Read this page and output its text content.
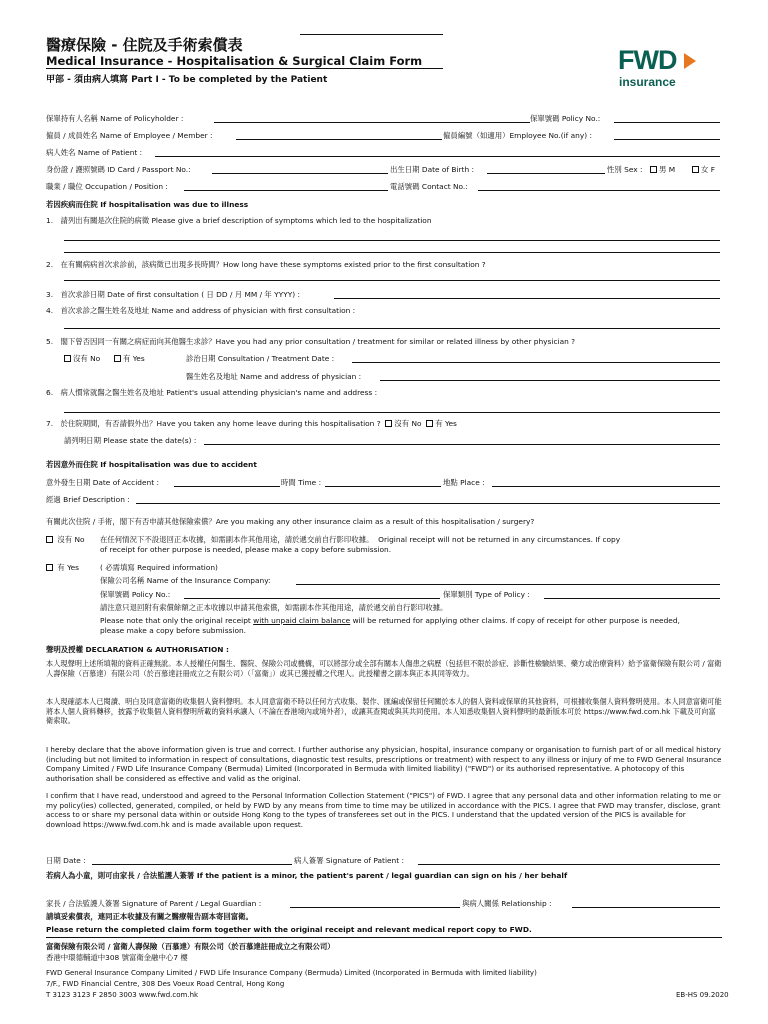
醫療保險 - 住院及手術索償表
Medical Insurance - Hospitalisation & Surgical Claim Form
甲部 - 須由病人填寫 Part I - To be completed by the Patient
FWD
insurance
保單持有人名稱 Name of Policyholder :	保單號碼 Policy No.:
僱員 / 成員姓名 Name of Employee / Member :	僱員編號（如適用）Employee No.(if any) :
病人姓名 Name of Patient :
身份證 / 護照號碼 ID Card / Passport No.:	出生日期 Date of Birth :	性別 Sex :	男 M	女 F
職業 / 職位 Occupation / Position :	電話號碼 Contact No.:
若因疾病而住院 If hospitalisation was due to illness
1.　請列出有關是次住院的病徵 Please give a brief description of symptoms which led to the hospitalization
2.　在有關病病首次求診前，該病徵已出現多長時間？How long have these symptoms existed prior to the first consultation ?
3.　首次求診日期 Date of first consultation ( 日 DD / 月 MM / 年 YYYY) :
4.　首次求診之醫生姓名及地址 Name and address of physician with first consultation :
5.　閣下曾否因同一有關之病症而向其他醫生求診？Have you had any prior consultation / treatment for similar or related illness by other physician ?
沒有 No	有 Yes	診治日期 Consultation / Treatment Date :
醫生姓名及地址 Name and address of physician :
6.　病人慣常就醫之醫生姓名及地址 Patient's usual attending physician's name and address :
7.　於住院期間，有否請假外出？Have you taken any home leave during this hospitalisation ? 沒有 No 有 Yes
請列明日期 Please state the date(s) :
若因意外而住院 If hospitalisation was due to accident
意外發生日期 Date of Accident :	時間 Time :	地點 Place :
經過 Brief Description :
有關此次住院 / 手術，閣下有否申請其他保險索償？Are you making any other insurance claim as a result of this hospitalisation / surgery?
沒有 No 在任何情況下不設退回正本收據，如需副本作其他用途，請於遞交前自行影印收據。 Original receipt will not be returned in any circumstances. If copy
of receipt for other purpose is needed, please make a copy before submission.
有 Yes	( 必需填寫 Required information)
保險公司名稱 Name of the Insurance Company:
保單號碼 Policy No.:	保單類別 Type of Policy :
請注意只退回附有索償餘額之正本收據以申請其他索償，如需副本作其他用途，請於遞交前自行影印收據。
Please note that only the original receipt with unpaid claim balance will be returned for applying other claims. If copy of receipt for other purpose is needed,
please make a copy before submission.
聲明及授權 DECLARATION & AUTHORISATION :
本人現聲明上述所填報的資料正確無訛。本人授權任何醫生、醫院、保險公司或機構，可以將部分或全部有關本人傷患之病歷（包括但不限於診症、診斷性檢驗結果、藥方或治療資料）給予富衛保險有限公司 / 富衛人壽保險（百慕達）有限公司（於百慕達註冊成立之有限公司）（「富衛」）或其已獲授權之代理人。此授權書之副本與正本具同等效力。
本人現確認本人已閱讀、明白及同意富衛的收集個人資料聲明。本人同意富衛不時以任何方式收集、製作、匯編或保留任何關於本人的個人資料或保單的其他資料，可根據收集個人資料聲明使用。本人同意富衛可能將本人個人資料轉移，披露予收集個人資料聲明所載的資料承讓人（不論在香港境內或境外者），或讓其查閱或與其共同使用。本人知悉收集個人資料聲明的最新版本可於 https://www.fwd.com.hk 下載及可向富衛索取。
I hereby declare that the above information given is true and correct. I further authorise any physician, hospital, insurance company or organisation to furnish part of or all medical history (including but not limited to information in respect of consultations, diagnostic test results, prescriptions or treatment) with respect to any illness or injury of me to FWD General Insurance Company Limited / FWD Life Insurance Company (Bermuda) Limited (Incorporated in Bermuda with limited liability) ("FWD") or its authorised representative. A photocopy of this authorisation shall be considered as effective and valid as the original.
I confirm that I have read, understood and agreed to the Personal Information Collection Statement ("PICS") of FWD. I agree that any personal data and other information relating to me or my policy(ies) collected, generated, compiled, or held by FWD by any means from time to time may be utilized in accordance with the PICS. I agree that FWD may transfer, disclose, grant access to or share my personal data within or outside Hong Kong to the types of transferees set out in the PICS. I understand that the updated version of the PICS is available for download https://www.fwd.com.hk and is made available upon request.
日期 Date :	病人簽署 Signature of Patient :
若病人為小童，則可由家長 / 合法監護人簽署 If the patient is a minor, the patient's parent / legal guardian can sign on his / her behalf
家長 / 合法監護人簽署 Signature of Parent / Legal Guardian :	與病人關係 Relationship :
請填妥索償表，連同正本收據及有關之醫療報告副本寄回富衛。
Please return the completed claim form together with the original receipt and relevant medical report copy to FWD.
富衛保險有限公司 / 富衛人壽保險（百慕達）有限公司（於百慕達註冊成立之有限公司）
香港中環德輔道中308 號富衛金融中心7 樓
FWD General Insurance Company Limited / FWD Life Insurance Company (Bermuda) Limited (Incorporated in Bermuda with limited liability)
7/F., FWD Financial Centre, 308 Des Voeux Road Central, Hong Kong
T 3123 3123 F 2850 3003 www.fwd.com.hk	EB-HS 09.2020
